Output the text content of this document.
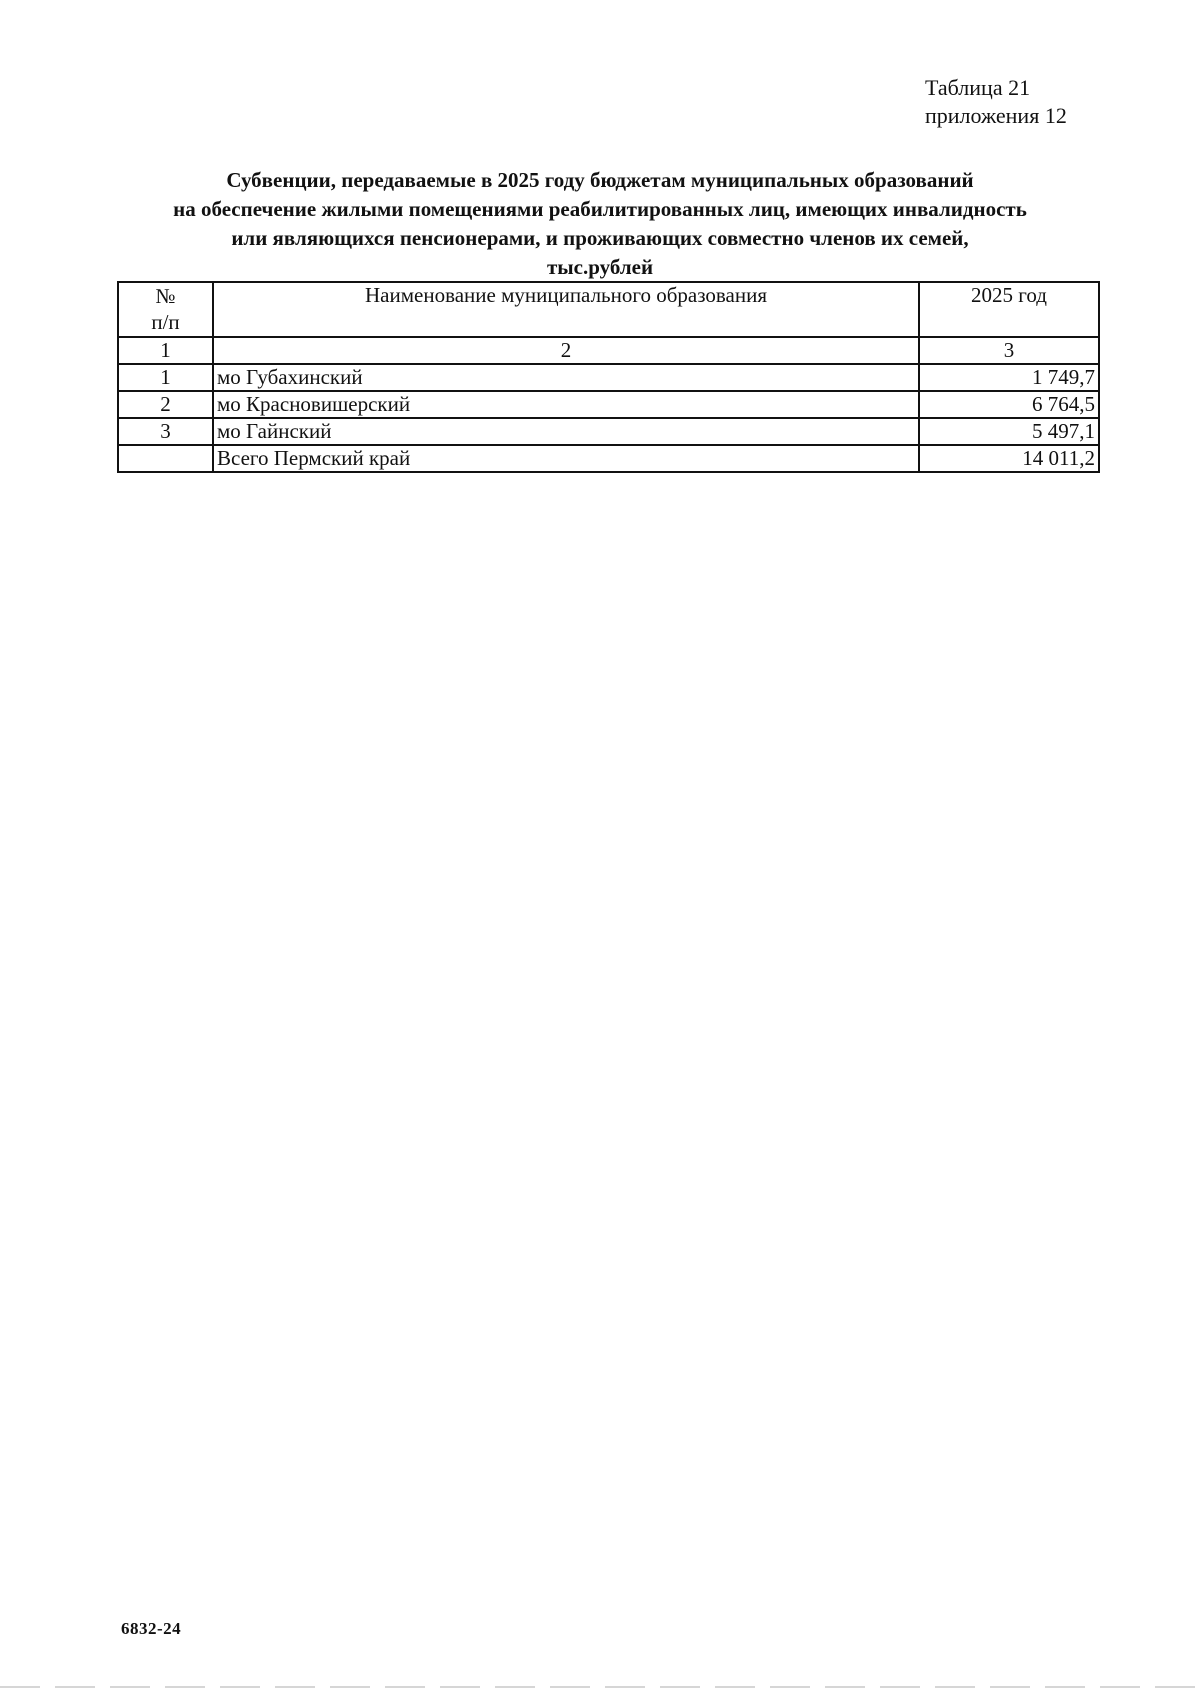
Таблица 21
приложения 12
Субвенции, передаваемые в 2025 году бюджетам муниципальных образований
на обеспечение жилыми помещениями реабилитированных лиц, имеющих инвалидность
или являющихся пенсионерами, и проживающих совместно членов их семей,
тыс.рублей
№
п/п	Наименование муниципального образования	2025 год
1	2	3
1	мо Губахинский	1 749,7
2	мо Красновишерский	6 764,5
3	мо Гайнский	5 497,1
	Всего Пермский край	14 011,2
6832-24
